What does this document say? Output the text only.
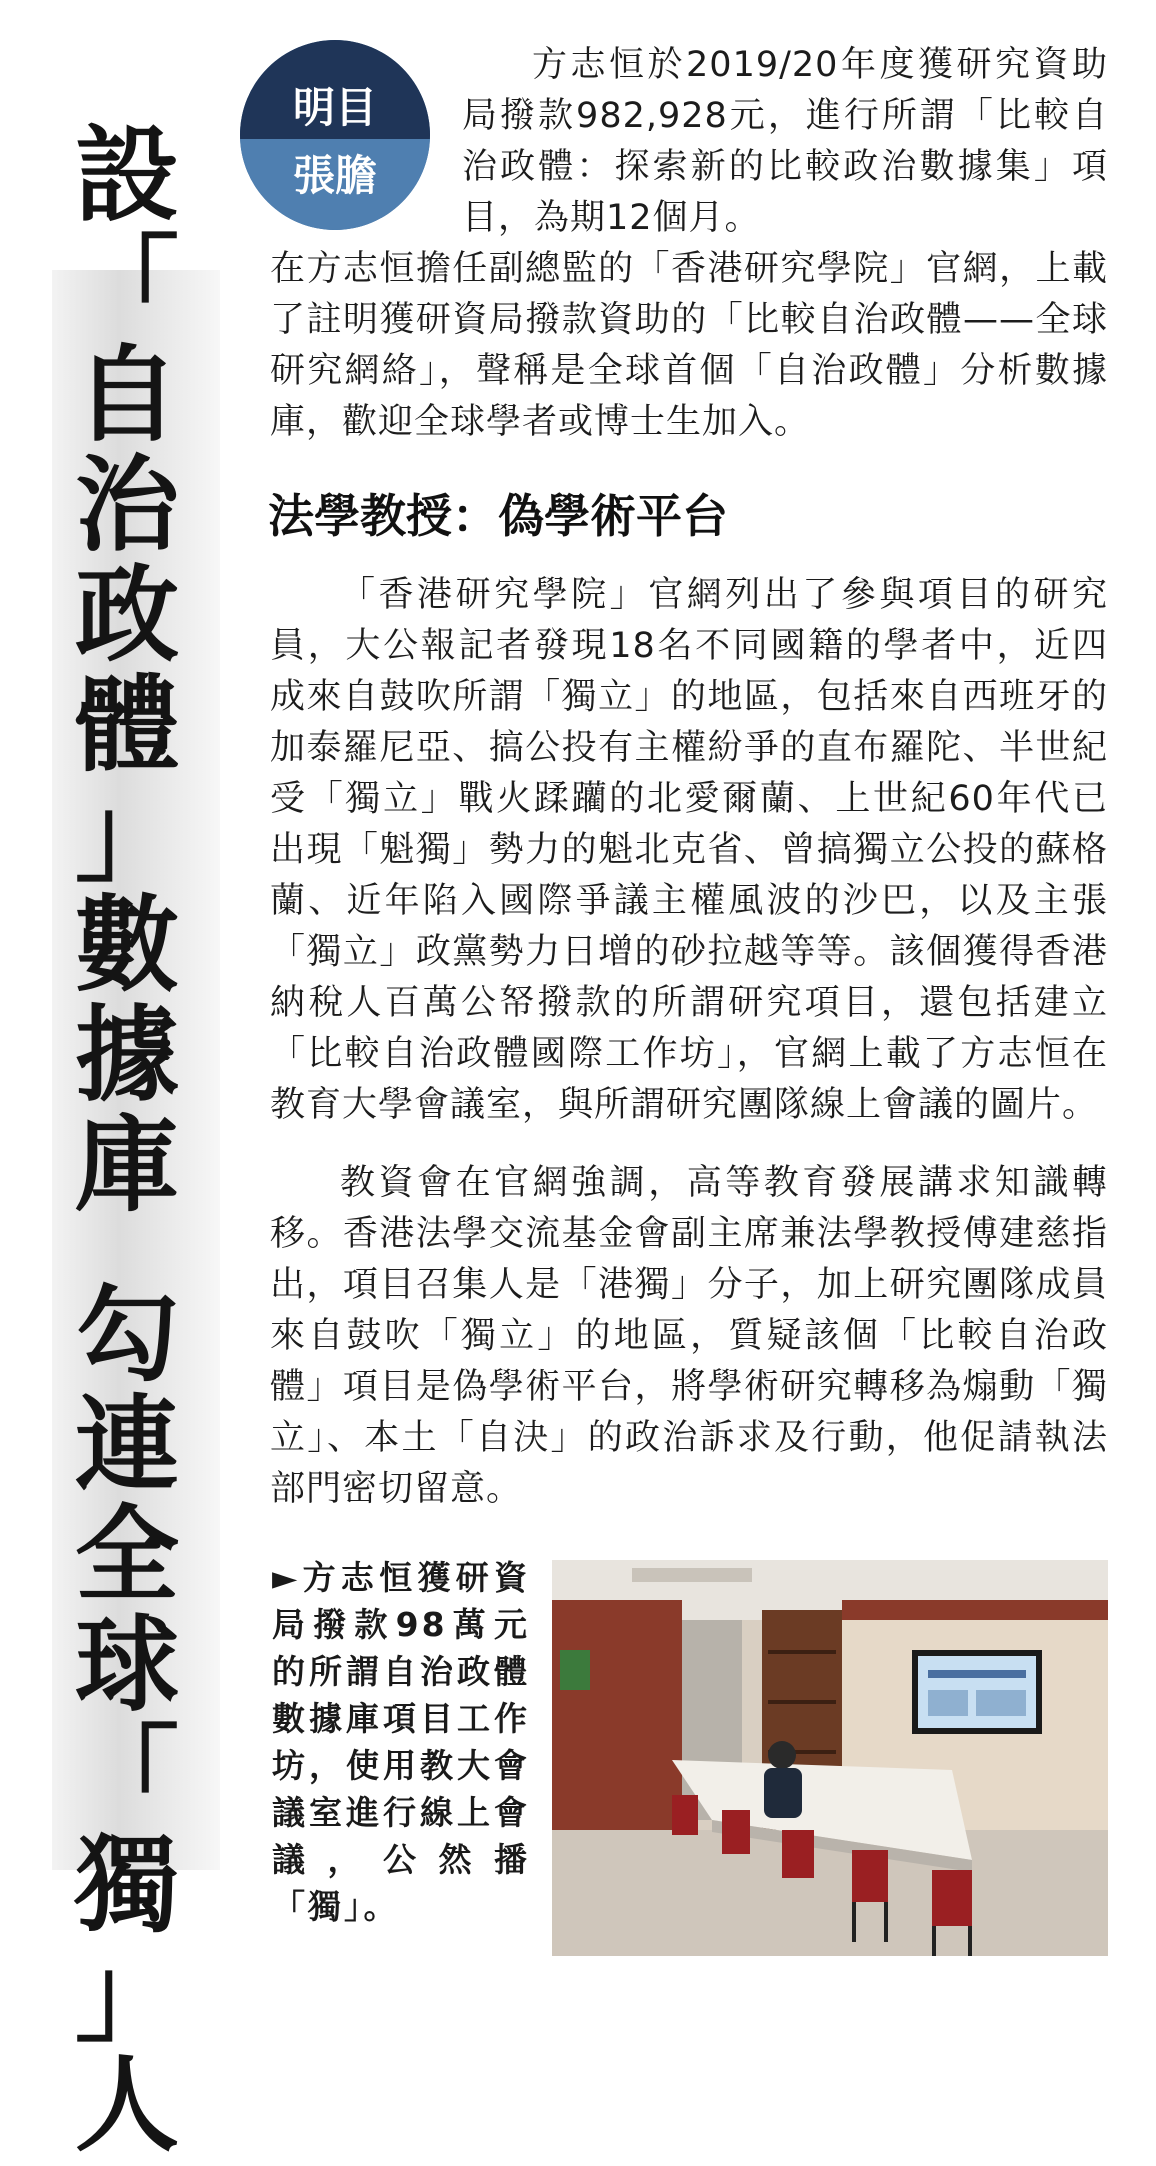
設
「
自
治
政
體
」
數
據
庫
勾
連
全
球
「
獨
」
人
明目
張膽
方志恒於2019/20年度獲研究資助局撥款982,928元，進行所謂「比較自治政體：探索新的比較政治數據集」項目，為期12個月。
在方志恒擔任副總監的「香港研究學院」官網，上載了註明獲研資局撥款資助的「比較自治政體——全球研究網絡」，聲稱是全球首個「自治政體」分析數據庫，歡迎全球學者或博士生加入。
法學教授：偽學術平台
「香港研究學院」官網列出了參與項目的研究員，大公報記者發現18名不同國籍的學者中，近四成來自鼓吹所謂「獨立」的地區，包括來自西班牙的加泰羅尼亞、搞公投有主權紛爭的直布羅陀、半世紀受「獨立」戰火蹂躪的北愛爾蘭、上世紀60年代已出現「魁獨」勢力的魁北克省、曾搞獨立公投的蘇格蘭、近年陷入國際爭議主權風波的沙巴，以及主張「獨立」政黨勢力日增的砂拉越等等。該個獲得香港納稅人百萬公帑撥款的所謂研究項目，還包括建立「比較自治政體國際工作坊」，官網上載了方志恒在教育大學會議室，與所謂研究團隊線上會議的圖片。
教資會在官網強調，高等教育發展講求知識轉移。香港法學交流基金會副主席兼法學教授傅建慈指出，項目召集人是「港獨」分子，加上研究團隊成員來自鼓吹「獨立」的地區，質疑該個「比較自治政體」項目是偽學術平台，將學術研究轉移為煽動「獨立」、本土「自決」的政治訴求及行動，他促請執法部門密切留意。
►方志恒獲研資局撥款98萬元的所謂自治政體數據庫項目工作坊，使用教大會議室進行線上會議，公然播「獨」。
